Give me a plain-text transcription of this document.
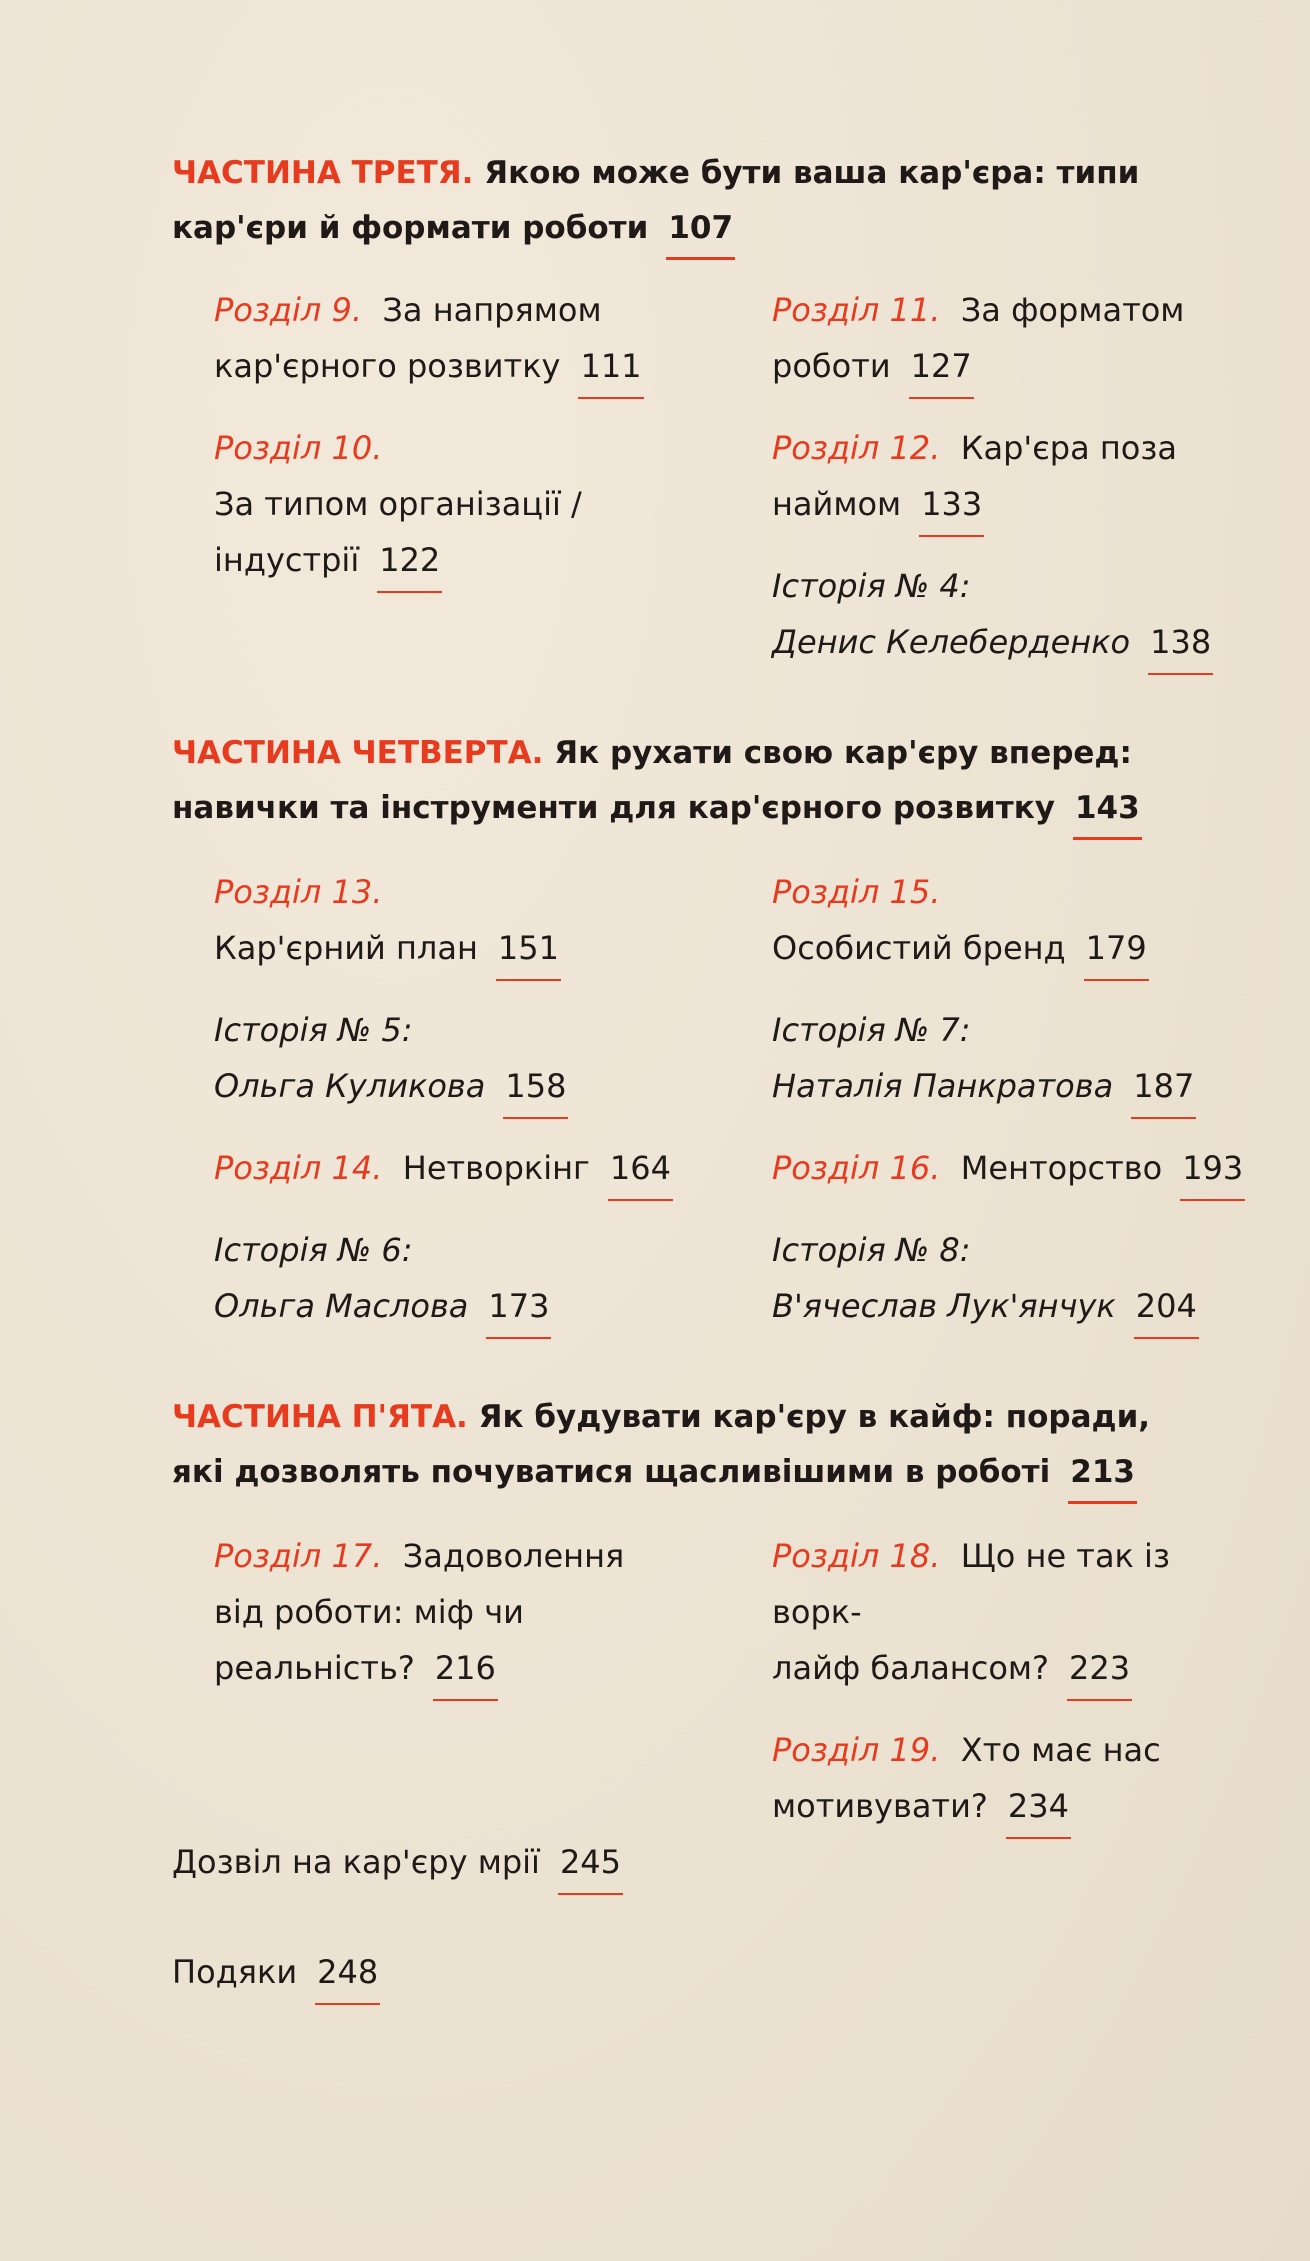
ЧАСТИНА ТРЕТЯ. Якою може бути ваша кар'єра: типи
кар'єри й формати роботи 107
Розділ 9. За напрямом
кар'єрного розвитку 111
Розділ 10.
За типом організації /
індустрії 122
Розділ 11. За форматом
роботи 127
Розділ 12. Кар'єра поза
наймом 133
Історія № 4:
Денис Келеберденко 138
ЧАСТИНА ЧЕТВЕРТА. Як рухати свою кар'єру вперед:
навички та інструменти для кар'єрного розвитку 143
Розділ 13.
Кар'єрний план 151
Історія № 5:
Ольга Куликова 158
Розділ 14. Нетворкінг 164
Історія № 6:
Ольга Маслова 173
Розділ 15.
Особистий бренд 179
Історія № 7:
Наталія Панкратова 187
Розділ 16. Менторство 193
Історія № 8:
В'ячеслав Лук'янчук 204
ЧАСТИНА П'ЯТА. Як будувати кар'єру в кайф: поради,
які дозволять почуватися щасливішими в роботі 213
Розділ 17. Задоволення
від роботи: міф чи
реальність? 216
Розділ 18. Що не так із ворк-
лайф балансом? 223
Розділ 19. Хто має нас
мотивувати? 234
Дозвіл на кар'єру мрії 245
Подяки 248
